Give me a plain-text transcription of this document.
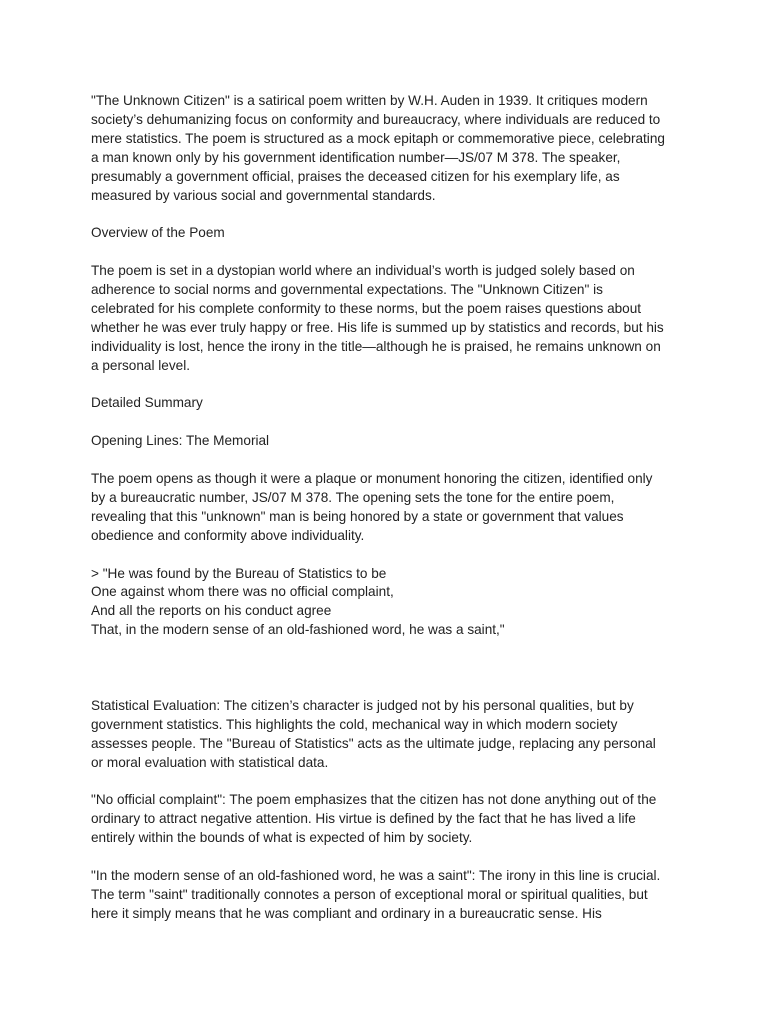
"The Unknown Citizen" is a satirical poem written by W.H. Auden in 1939. It critiques modern
society’s dehumanizing focus on conformity and bureaucracy, where individuals are reduced to
mere statistics. The poem is structured as a mock epitaph or commemorative piece, celebrating
a man known only by his government identification number—JS/07 M 378. The speaker,
presumably a government official, praises the deceased citizen for his exemplary life, as
measured by various social and governmental standards.
Overview of the Poem
The poem is set in a dystopian world where an individual’s worth is judged solely based on
adherence to social norms and governmental expectations. The "Unknown Citizen" is
celebrated for his complete conformity to these norms, but the poem raises questions about
whether he was ever truly happy or free. His life is summed up by statistics and records, but his
individuality is lost, hence the irony in the title—although he is praised, he remains unknown on
a personal level.
Detailed Summary
Opening Lines: The Memorial
The poem opens as though it were a plaque or monument honoring the citizen, identified only
by a bureaucratic number, JS/07 M 378. The opening sets the tone for the entire poem,
revealing that this "unknown" man is being honored by a state or government that values
obedience and conformity above individuality.
> "He was found by the Bureau of Statistics to be
One against whom there was no official complaint,
And all the reports on his conduct agree
That, in the modern sense of an old-fashioned word, he was a saint,"
Statistical Evaluation: The citizen’s character is judged not by his personal qualities, but by
government statistics. This highlights the cold, mechanical way in which modern society
assesses people. The "Bureau of Statistics" acts as the ultimate judge, replacing any personal
or moral evaluation with statistical data.
"No official complaint": The poem emphasizes that the citizen has not done anything out of the
ordinary to attract negative attention. His virtue is defined by the fact that he has lived a life
entirely within the bounds of what is expected of him by society.
"In the modern sense of an old-fashioned word, he was a saint": The irony in this line is crucial.
The term "saint" traditionally connotes a person of exceptional moral or spiritual qualities, but
here it simply means that he was compliant and ordinary in a bureaucratic sense. His
